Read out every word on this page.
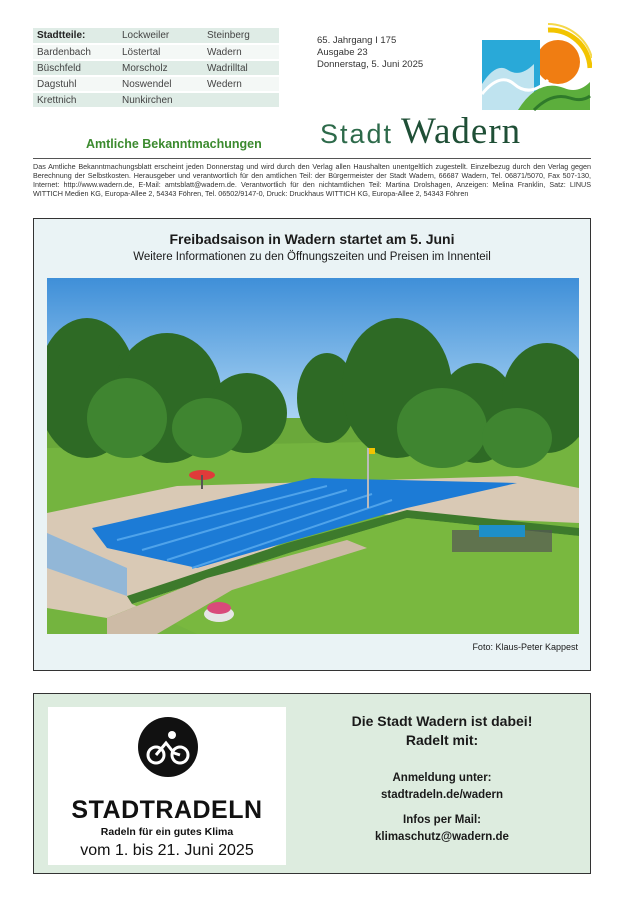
Stadtteile:	Lockweiler	Steinberg
Bardenbach	Löstertal	Wadern
Büschfeld	Morscholz	Wadrilltal
Dagstuhl	Noswendel	Wedern
Krettnich	Nunkirchen	
65. Jahrgang I 175
Ausgabe 23
Donnerstag, 5. Juni 2025
Amtliche Bekanntmachungen Stadt Wadern
Das Amtliche Bekanntmachungsblatt erscheint jeden Donnerstag und wird durch den Verlag allen Haushalten unentgeltlich zugestellt. Einzelbezug durch den Verlag gegen Berechnung der Selbstkosten. Herausgeber und verantwortlich für den amtlichen Teil: der Bürgermeister der Stadt Wadern, 66687 Wadern, Tel. 06871/5070, Fax 507-130, Internet: http://www.wadern.de, E-Mail: amtsblatt@wadern.de. Verantwortlich für den nichtamtlichen Teil: Martina Drolshagen, Anzeigen: Melina Franklin, Satz: LINUS WITTICH Medien KG, Europa-Allee 2, 54343 Föhren, Tel. 06502/9147-0, Druck: Druckhaus WITTICH KG, Europa-Allee 2, 54343 Föhren
Freibadsaison in Wadern startet am 5. Juni
Weitere Informationen zu den Öffnungszeiten und Preisen im Innenteil
Foto: Klaus-Peter Kappest
STADTRADELN
Radeln für ein gutes Klima
vom 1. bis 21. Juni 2025
Die Stadt Wadern ist dabei!
Radelt mit:
Anmeldung unter:
stadtradeln.de/wadern
Infos per Mail:
klimaschutz@wadern.de
